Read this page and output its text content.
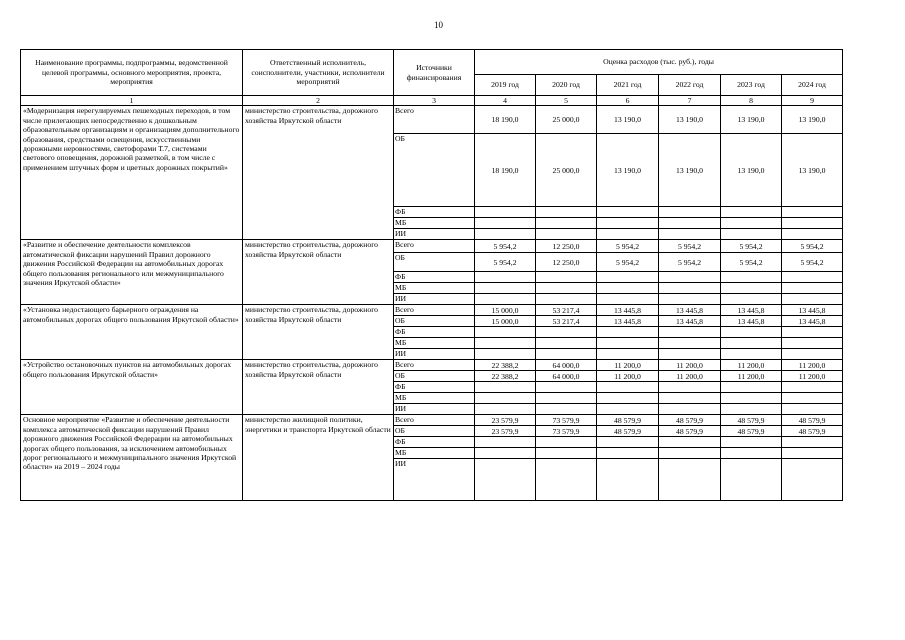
10
Наименование программы, подпрограммы, ведомственной целевой программы, основного мероприятия, проекта, мероприятия	Ответственный исполнитель, соисполнители, участники, исполнители мероприятий	Источники финансирования	Оценка расходов (тыс. руб.), годы					
			2019 год	2020 год	2021 год	2022 год	2023 год	2024 год
1	2	3	4	5	6	7	8	9
«Модернизация нерегулируемых пешеходных переходов, в том числе прилегающих непосредственно к дошкольным образовательным организациям и организациям дополнительного образования, средствами освещения, искусственными дорожными неровностями, светофорами Т.7, системами светового оповещения, дорожной разметкой, в том числе с применением штучных форм и цветных дорожных покрытий»	министерство строительства, дорожного хозяйства Иркутской области	Всего	18 190,0	25 000,0	13 190,0	13 190,0	13 190,0	13 190,0
		ОБ	18 190,0	25 000,0	13 190,0	13 190,0	13 190,0	13 190,0
		ФБ						
		МБ						
		ИИ						
«Развитие и обеспечение деятельности комплексов автоматической фиксации нарушений Правил дорожного движения Российской Федерации на автомобильных дорогах общего пользования регионального или межмуниципального значения Иркутской области»	министерство строительства, дорожного хозяйства Иркутской области	Всего	5 954,2	12 250,0	5 954,2	5 954,2	5 954,2	5 954,2
		ОБ	5 954,2	12 250,0	5 954,2	5 954,2	5 954,2	5 954,2
		ФБ						
		МБ						
		ИИ						
«Установка недостающего барьерного ограждения на автомобильных дорогах общего пользования Иркутской области»	министерство строительства, дорожного хозяйства Иркутской области	Всего	15 000,0	53 217,4	13 445,8	13 445,8	13 445,8	13 445,8
		ОБ	15 000,0	53 217,4	13 445,8	13 445,8	13 445,8	13 445,8
		ФБ						
		МБ						
		ИИ						
«Устройство остановочных пунктов на автомобильных дорогах общего пользования Иркутской области»	министерство строительства, дорожного хозяйства Иркутской области	Всего	22 388,2	64 000,0	11 200,0	11 200,0	11 200,0	11 200,0
		ОБ	22 388,2	64 000,0	11 200,0	11 200,0	11 200,0	11 200,0
		ФБ						
		МБ						
		ИИ						
Основное мероприятие «Развитие и обеспечение деятельности комплекса автоматической фиксации нарушений Правил дорожного движения Российской Федерации на автомобильных дорогах общего пользования, за исключением автомобильных дорог регионального и межмуниципального значения Иркутской области» на 2019 – 2024 годы	министерство жилищной политики, энергетики и транспорта Иркутской области	Всего	23 579,9	73 579,9	48 579,9	48 579,9	48 579,9	48 579,9
		ОБ	23 579,9	73 579,9	48 579,9	48 579,9	48 579,9	48 579,9
		ФБ						
		МБ						
		ИИ						
